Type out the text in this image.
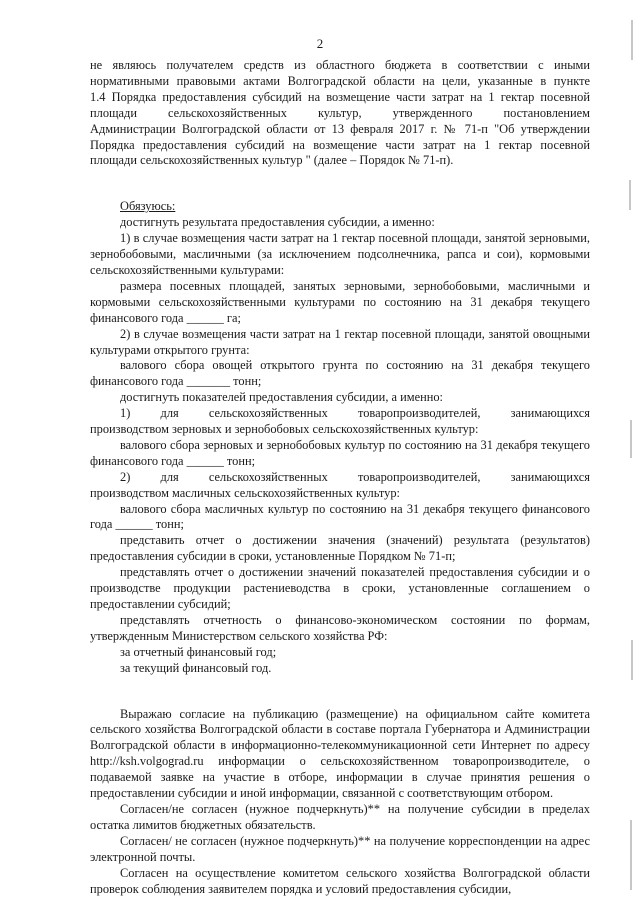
2

не являюсь получателем средств из областного бюджета в соответствии с иными

нормативными правовыми актами Волгоградской области на цели, указанные в пункте

1.4 Порядка предоставления субсидий на возмещение части затрат на 1 гектар посевной

площади сельскохозяйственных культур, утвержденного постановлением

Администрации Волгоградской области от 13 февраля 2017 г. № 71-п "Об утверждении

Порядка предоставления субсидий на возмещение части затрат на 1 гектар посевной

площади сельскохозяйственных культур " (далее – Порядок № 71-п).

Обязуюсь:

достигнуть результата предоставления субсидии, а именно:

1) в случае возмещения части затрат на 1 гектар посевной площади, занятой зерновыми, зернобобовыми, масличными (за исключением подсолнечника, рапса и сои), кормовыми сельскохозяйственными культурами:

размера посевных площадей, занятых зерновыми, зернобобовыми, масличными и кормовыми сельскохозяйственными культурами по состоянию на 31 декабря текущего финансового года ______ га;

2) в случае возмещения части затрат на 1 гектар посевной площади, занятой овощными культурами открытого грунта:

валового сбора овощей открытого грунта по состоянию на 31 декабря текущего финансового года _______ тонн;

достигнуть показателей предоставления субсидии, а именно:

1) для сельскохозяйственных товаропроизводителей, занимающихся

производством зерновых и зернобобовых сельскохозяйственных культур:

валового сбора зерновых и зернобобовых культур по состоянию на 31 декабря текущего финансового года ______ тонн;

2) для сельскохозяйственных товаропроизводителей, занимающихся

производством масличных сельскохозяйственных культур:

валового сбора масличных культур по состоянию на 31 декабря текущего финансового года ______ тонн;

представить отчет о достижении значения (значений) результата (результатов) предоставления субсидии в сроки, установленные Порядком № 71-п;

представлять отчет о достижении значений показателей предоставления субсидии и о производстве продукции растениеводства в сроки, установленные соглашением о предоставлении субсидий;

представлять отчетность о финансово-экономическом состоянии по формам, утвержденным Министерством сельского хозяйства РФ:

за отчетный финансовый год;

за текущий финансовый год.

Выражаю согласие на публикацию (размещение) на официальном сайте комитета сельского хозяйства Волгоградской области в составе портала Губернатора и Администрации Волгоградской области в информационно-телекоммуникационной сети Интернет по адресу http://ksh.volgograd.ru информации о сельскохозяйственном товаропроизводителе, о подаваемой заявке на участие в отборе, информации в случае принятия решения о предоставлении субсидии и иной информации, связанной с соответствующим отбором.

Согласен/не согласен (нужное подчеркнуть)** на получение субсидии в пределах остатка лимитов бюджетных обязательств.

Согласен/ не согласен (нужное подчеркнуть)** на получение корреспонденции на адрес электронной почты.

Согласен на осуществление комитетом сельского хозяйства Волгоградской области проверок соблюдения заявителем порядка и условий предоставления субсидии,
